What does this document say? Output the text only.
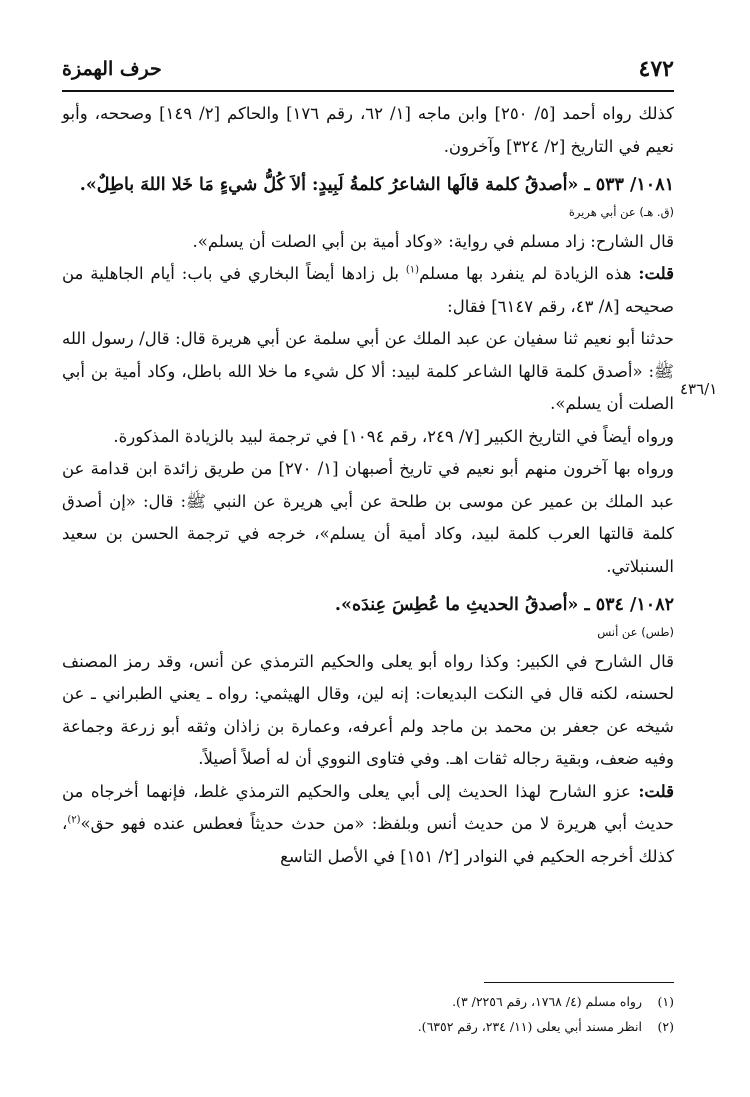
٤٧٢
حرف الهمزة
٤٣٦/١

كذلك رواه أحمد [٥/ ٢٥٠] وابن ماجه [١/ ٦٢، رقم ١٧٦] والحاكم [٢/ ١٤٩] وصححه، وأبو نعيم في التاريخ [٢/ ٣٢٤] وآخرون.

١٠٨١/ ٥٣٣ ـ «أصدقُ كلمة قالَها الشاعرُ كلمةُ لَبِيدٍ: ألاَ كُلُّ شيءٍ مَا خَلا اللهَ باطِلٌ».

(ق. هـ) عن أبي هريرة

قال الشارح: زاد مسلم في رواية: «وكاد أمية بن أبي الصلت أن يسلم».

قلت: هذه الزيادة لم ينفرد بها مسلم$^{(١)}$ بل زادها أيضاً البخاري في باب: أيام الجاهلية من صحيحه [٨/ ٤٣، رقم ٦١٤٧] فقال:

حدثنا أبو نعيم ثنا سفيان عن عبد الملك عن أبي سلمة عن أبي هريرة قال: قال/ رسول الله ﷺ: «أصدق كلمة قالها الشاعر كلمة لبيد: ألا كل شيء ما خلا الله باطل، وكاد أمية بن أبي الصلت أن يسلم».

ورواه أيضاً في التاريخ الكبير [٧/ ٢٤٩، رقم ١٠٩٤] في ترجمة لبيد بالزيادة المذكورة.

ورواه بها آخرون منهم أبو نعيم في تاريخ أصبهان [١/ ٢٧٠] من طريق زائدة ابن قدامة عن عبد الملك بن عمير عن موسى بن طلحة عن أبي هريرة عن النبي ﷺ: قال: «إن أصدق كلمة قالتها العرب كلمة لبيد، وكاد أمية أن يسلم»، خرجه في ترجمة الحسن بن سعيد السنبلاتي.

١٠٨٢/ ٥٣٤ ـ «أصدقُ الحديثِ ما عُطِسَ عِندَه».

(طس) عن أنس

قال الشارح في الكبير: وكذا رواه أبو يعلى والحكيم الترمذي عن أنس، وقد رمز المصنف لحسنه، لكنه قال في النكت البديعات: إنه لين، وقال الهيثمي: رواه ـ يعني الطبراني ـ عن شيخه عن جعفر بن محمد بن ماجد ولم أعرفه، وعمارة بن زاذان وثقه أبو زرعة وجماعة وفيه ضعف، وبقية رجاله ثقات اهـ. وفي فتاوى النووي أن له أصلاً أصيلاً.

قلت: عزو الشارح لهذا الحديث إلى أبي يعلى والحكيم الترمذي غلط، فإنهما أخرجاه من حديث أبي هريرة لا من حديث أنس وبلفظ: «من حدث حديثاً فعطس عنده فهو حق»$^{(٢)}$، كذلك أخرجه الحكيم في النوادر [٢/ ١٥١] في الأصل التاسع

(١) رواه مسلم (٤/ ١٧٦٨، رقم ٢٢٥٦/ ٣).

(٢) انظر مسند أبي يعلى (١١/ ٢٣٤، رقم ٦٣٥٢).
